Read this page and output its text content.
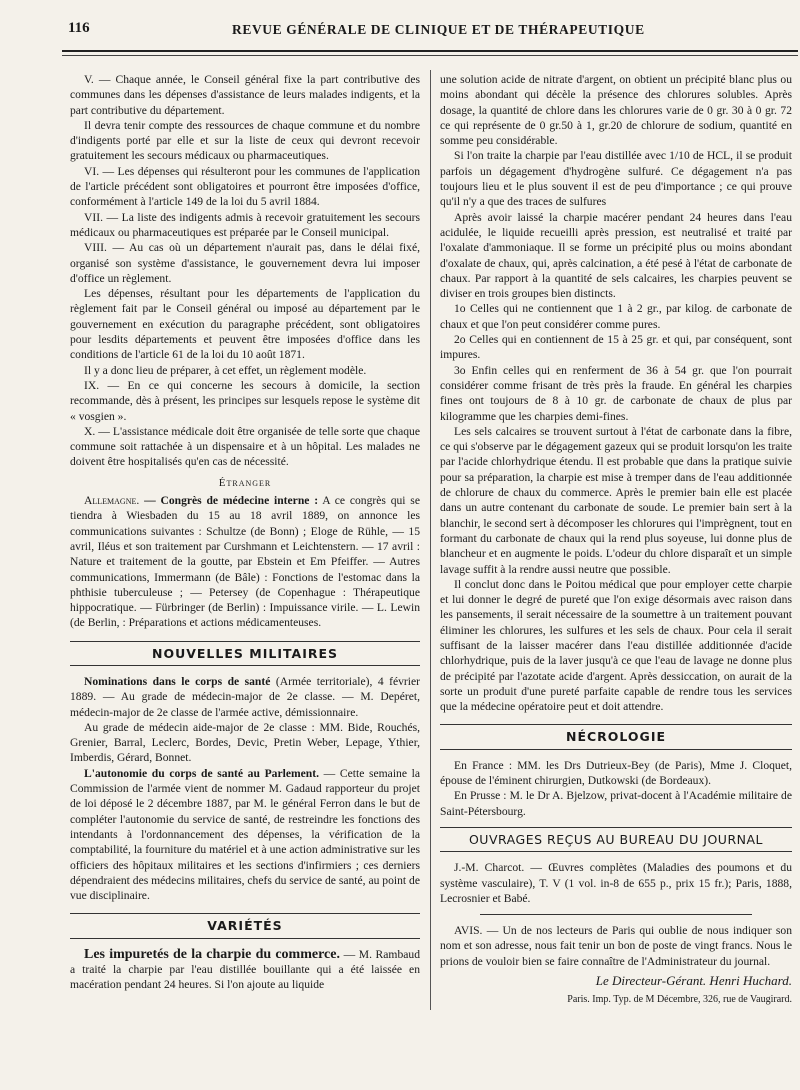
116	REVUE GÉNÉRALE DE CLINIQUE ET DE THÉRAPEUTIQUE

V. — Chaque année, le Conseil général fixe la part contributive des communes dans les dépenses d'assistance de leurs malades indigents, et la part contributive du département.

Il devra tenir compte des ressources de chaque commune et du nombre d'indigents porté par elle et sur la liste de ceux qui devront recevoir gratuitement les secours médicaux ou pharmaceutiques.

VI. — Les dépenses qui résulteront pour les communes de l'application de l'article précédent sont obligatoires et pourront être imposées d'office, conformément à l'article 149 de la loi du 5 avril 1884.

VII. — La liste des indigents admis à recevoir gratuitement les secours médicaux ou pharmaceutiques est préparée par le Conseil municipal.

VIII. — Au cas où un département n'aurait pas, dans le délai fixé, organisé son système d'assistance, le gouvernement devra lui imposer d'office un règlement.

Les dépenses, résultant pour les départements de l'application du règlement fait par le Conseil général ou imposé au département par le gouvernement en exécution du paragraphe précédent, sont obligatoires pour lesdits départements et peuvent être imposées d'office dans les conditions de l'article 61 de la loi du 10 août 1871.

Il y a donc lieu de préparer, à cet effet, un règlement modèle.

IX. — En ce qui concerne les secours à domicile, la section recommande, dès à présent, les principes sur lesquels repose le système dit « vosgien ».

X. — L'assistance médicale doit être organisée de telle sorte que chaque commune soit rattachée à un dispensaire et à un hôpital. Les malades ne doivent être hospitalisés qu'en cas de nécessité.

Étranger

Allemagne. — Congrès de médecine interne : A ce congrès qui se tiendra à Wiesbaden du 15 au 18 avril 1889, on annonce les communications suivantes : Schultze (de Bonn) ; Eloge de Rühle, — 15 avril, Iléus et son traitement par Curshmann et Leichtenstern. — 17 avril : Nature et traitement de la goutte, par Ebstein et Em Pfeiffer. — Autres communications, Immermann (de Bâle) : Fonctions de l'estomac dans la phthisie tuberculeuse ; — Petersey (de Copenhague : Thérapeutique hippocratique. — Fürbringer (de Berlin) : Impuissance virile. — L. Lewin (de Berlin, : Préparations et actions médicamenteuses.

NOUVELLES MILITAIRES

Nominations dans le corps de santé (Armée territoriale), 4 février 1889. — Au grade de médecin-major de 2e classe. — M. Depéret, médecin-major de 2e classe de l'armée active, démissionnaire.

Au grade de médecin aide-major de 2e classe : MM. Bide, Rouchés, Grenier, Barral, Leclerc, Bordes, Devic, Pretin Weber, Lepage, Ythier, Imberdis, Gérard, Bonnet.

L'autonomie du corps de santé au Parlement. — Cette semaine la Commission de l'armée vient de nommer M. Gadaud rapporteur du projet de loi déposé le 2 décembre 1887, par M. le général Ferron dans le but de compléter l'autonomie du service de santé, de restreindre les fonctions des intendants à l'ordonnancement des dépenses, la vérification de la comptabilité, la fourniture du matériel et à une action administrative sur les officiers des hôpitaux militaires et les sections d'infirmiers ; ces derniers dépendraient des médecins militaires, chefs du service de santé, au point de vue disciplinaire.

VARIÉTÉS

Les impuretés de la charpie du commerce. — M. Rambaud a traité la charpie par l'eau distillée bouillante qui a été laissée en macération pendant 24 heures. Si l'on ajoute au liquide

une solution acide de nitrate d'argent, on obtient un précipité blanc plus ou moins abondant qui décèle la présence des chlorures solubles. Après dosage, la quantité de chlore dans les chlorures varie de 0 gr. 30 à 0 gr. 72 ce qui représente de 0 gr.50 à 1, gr.20 de chlorure de sodium, quantité en somme peu considérable.

Si l'on traite la charpie par l'eau distillée avec 1/10 de HCL, il se produit parfois un dégagement d'hydrogène sulfuré. Ce dégagement n'a pas toujours lieu et le plus souvent il est de peu d'importance ; ce qui prouve qu'il n'y a que des traces de sulfures

Après avoir laissé la charpie macérer pendant 24 heures dans l'eau acidulée, le liquide recueilli après pression, est neutralisé et traité par l'oxalate d'ammoniaque. Il se forme un précipité plus ou moins abondant d'oxalate de chaux, qui, après calcination, a été pesé à l'état de carbonate de chaux. Par rapport à la quantité de sels calcaires, les charpies peuvent se diviser en trois groupes bien distincts.

1o Celles qui ne contiennent que 1 à 2 gr., par kilog. de carbonate de chaux et que l'on peut considérer comme pures.

2o Celles qui en contiennent de 15 à 25 gr. et qui, par conséquent, sont impures.

3o Enfin celles qui en renferment de 36 à 54 gr. que l'on pourrait considérer comme frisant de très près la fraude. En général les charpies fines ont toujours de 8 à 10 gr. de carbonate de chaux de plus par kilogramme que les charpies demi-fines.

Les sels calcaires se trouvent surtout à l'état de carbonate dans la fibre, ce qui s'observe par le dégagement gazeux qui se produit lorsqu'on les traite par l'acide chlorhydrique étendu. Il est probable que dans la pratique suivie pour sa préparation, la charpie est mise à tremper dans de l'eau additionnée de chlorure de chaux du commerce. Après le premier bain elle est placée dans un autre contenant du carbonate de soude. Le premier bain sert à la blanchir, le second sert à décomposer les chlorures qui l'imprègnent, tout en formant du carbonate de chaux qui la rend plus soyeuse, lui donne plus de blancheur et en augmente le poids. L'odeur du chlore disparaît et un simple lavage suffit à la rendre aussi neutre que possible.

Il conclut donc dans le Poitou médical que pour employer cette charpie et lui donner le degré de pureté que l'on exige désormais avec raison dans les pansements, il serait nécessaire de la soumettre à un traitement pouvant éliminer les chlorures, les sulfures et les sels de chaux. Pour cela il serait suffisant de la laisser macérer dans l'eau distillée additionnée d'acide chlorhydrique, puis de la laver jusqu'à ce que l'eau de lavage ne donne plus de précipité par l'azotate acide d'argent. Après dessiccation, on aurait de la sorte un produit d'une pureté parfaite capable de rendre tous les services que la médecine opératoire peut et doit attendre.

NÉCROLOGIE

En France : MM. les Drs Dutrieux-Bey (de Paris), Mme J. Cloquet, épouse de l'éminent chirurgien, Dutkowski (de Bordeaux).

En Prusse : M. le Dr A. Bjelzow, privat-docent à l'Académie militaire de Saint-Pétersbourg.

OUVRAGES REÇUS AU BUREAU DU JOURNAL

J.-M. Charcot. — Œuvres complètes (Maladies des poumons et du système vasculaire), T. V (1 vol. in-8 de 655 p., prix 15 fr.); Paris, 1888, Lecrosnier et Babé.

AVIS. — Un de nos lecteurs de Paris qui oublie de nous indiquer son nom et son adresse, nous fait tenir un bon de poste de vingt francs. Nous le prions de vouloir bien se faire connaître de l'Administrateur du journal.

Le Directeur-Gérant. Henri Huchard.
Paris. Imp. Typ. de M Décembre, 326, rue de Vaugirard.
